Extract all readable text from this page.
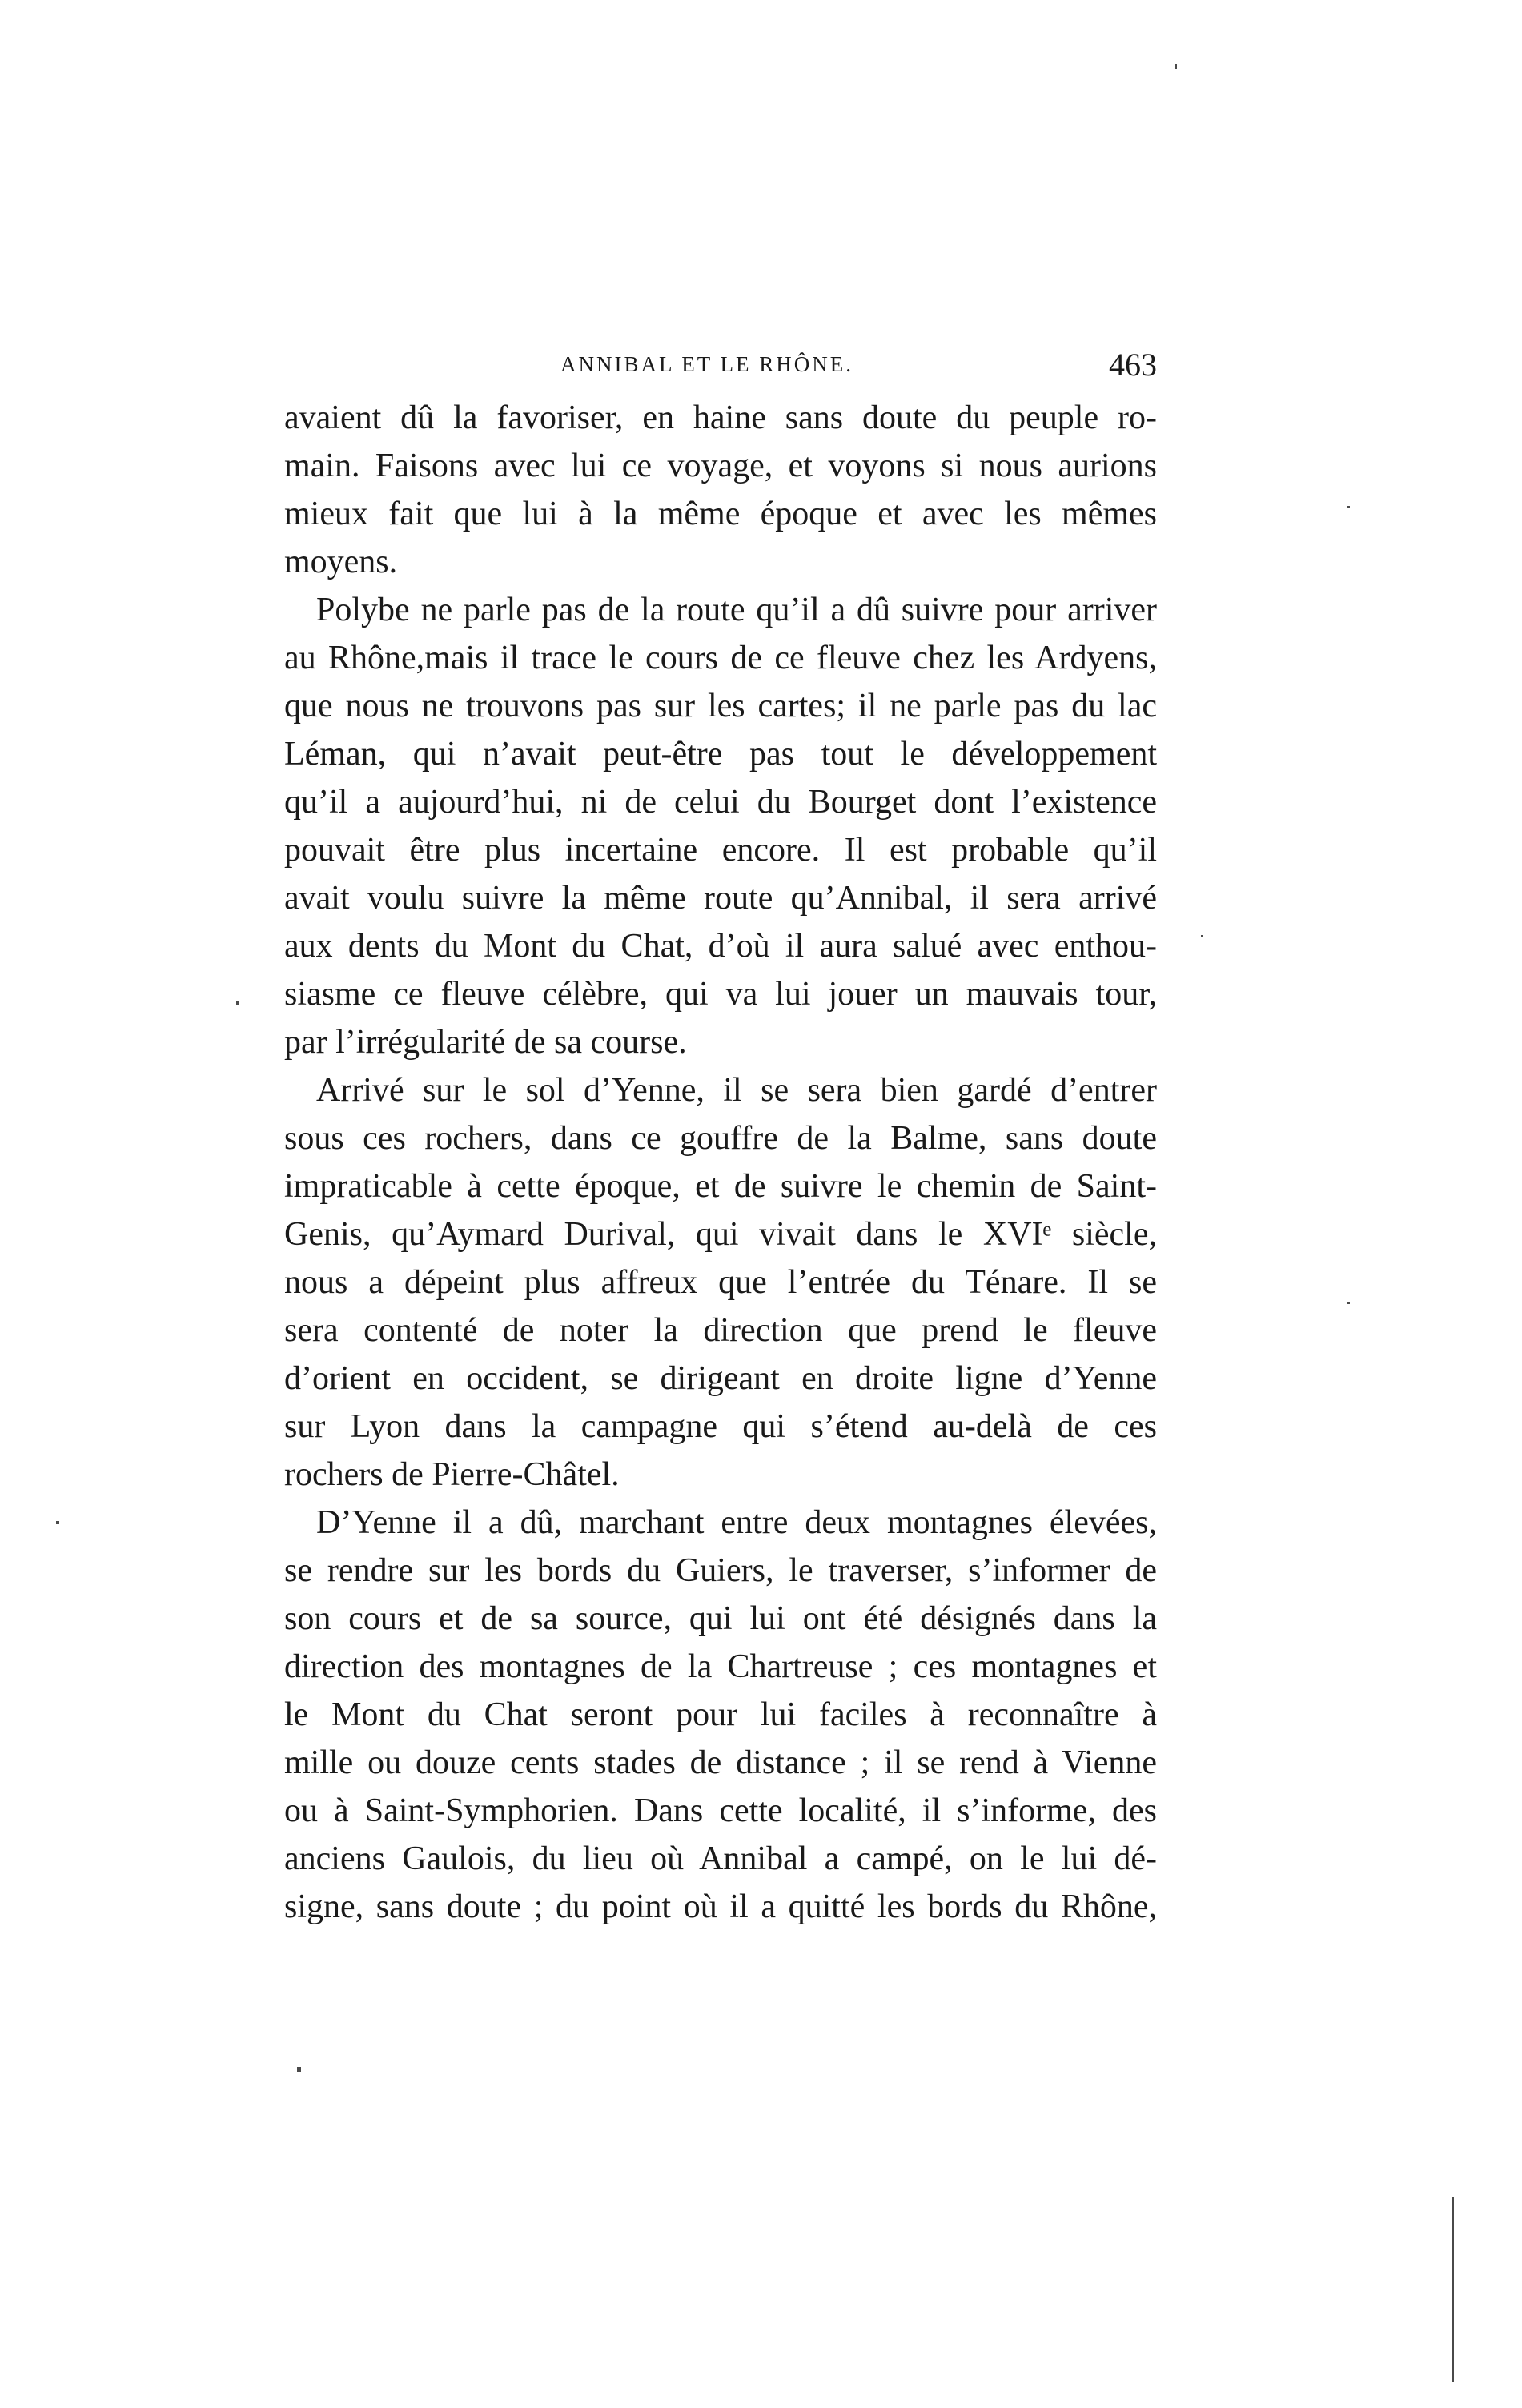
ANNIBAL ET LE RHÔNE.	463
avaient dû la favoriser, en haine sans doute du peuple ro-
main. Faisons avec lui ce voyage, et voyons si nous aurions
mieux fait que lui à la même époque et avec les mêmes
moyens.
Polybe ne parle pas de la route qu’il a dû suivre pour arriver
au Rhône,mais il trace le cours de ce fleuve chez les Ardyens,
que nous ne trouvons pas sur les cartes; il ne parle pas du lac
Léman, qui n’avait peut-être pas tout le développement
qu’il a aujourd’hui, ni de celui du Bourget dont l’existence
pouvait être plus incertaine encore. Il est probable qu’il
avait voulu suivre la même route qu’Annibal, il sera arrivé
aux dents du Mont du Chat, d’où il aura salué avec enthou-
siasme ce fleuve célèbre, qui va lui jouer un mauvais tour,
par l’irrégularité de sa course.
Arrivé sur le sol d’Yenne, il se sera bien gardé d’entrer
sous ces rochers, dans ce gouffre de la Balme, sans doute
impraticable à cette époque, et de suivre le chemin de Saint-
Genis, qu’Aymard Durival, qui vivait dans le XVIᵉ siècle,
nous a dépeint plus affreux que l’entrée du Ténare. Il se
sera contenté de noter la direction que prend le fleuve
d’orient en occident, se dirigeant en droite ligne d’Yenne
sur Lyon dans la campagne qui s’étend au-delà de ces
rochers de Pierre-Châtel.
D’Yenne il a dû, marchant entre deux montagnes élevées,
se rendre sur les bords du Guiers, le traverser, s’informer de
son cours et de sa source, qui lui ont été désignés dans la
direction des montagnes de la Chartreuse ; ces montagnes et
le Mont du Chat seront pour lui faciles à reconnaître à
mille ou douze cents stades de distance ; il se rend à Vienne
ou à Saint-Symphorien. Dans cette localité, il s’informe, des
anciens Gaulois, du lieu où Annibal a campé, on le lui dé-
signe, sans doute ; du point où il a quitté les bords du Rhône,
